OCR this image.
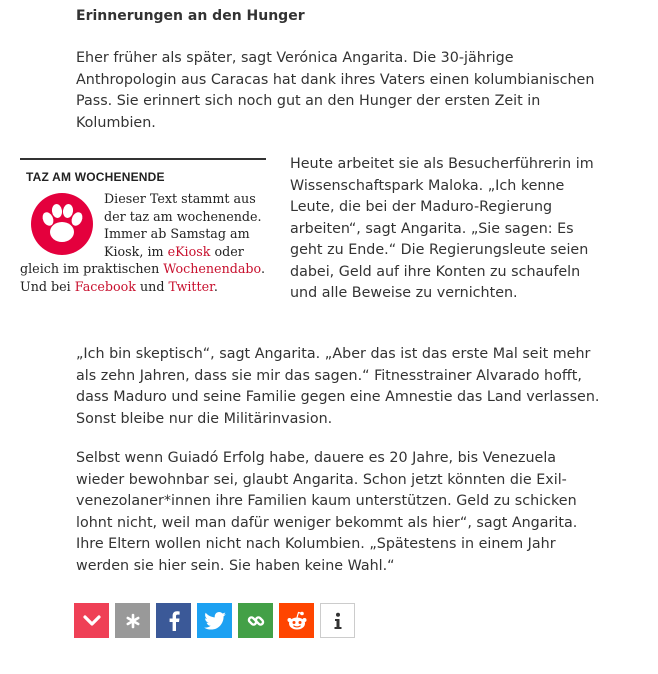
Erinnerungen an den Hunger

Eher früher als später, sagt Verónica Angarita. Die 30-jährige Anthropologin aus Caracas hat dank ihres Vaters einen kolumbianischen Pass. Sie erinnert sich noch gut an den Hunger der ersten Zeit in Kolumbien.

TAZ AM WOCHENENDE
Dieser Text stammt aus der taz am wochenende. Immer ab Samstag am Kiosk, im eKiosk oder gleich im praktischen Wochenendabo. Und bei Facebook und Twitter.

Heute arbeitet sie als Besucherführerin im Wissenschaftspark Maloka. „Ich kenne Leute, die bei der Maduro-Regierung arbeiten“, sagt Angarita. „Sie sagen: Es geht zu Ende.“ Die Regierungsleute seien dabei, Geld auf ihre Konten zu schaufeln und alle Beweise zu vernichten.

„Ich bin skeptisch“, sagt Angarita. „Aber das ist das erste Mal seit mehr als zehn Jahren, dass sie mir das sagen.“ Fitnesstrainer Alvarado hofft, dass Maduro und seine Familie gegen eine Amnestie das Land verlassen. Sonst bleibe nur die Militärinvasion.

Selbst wenn Guiadó Erfolg habe, dauere es 20 Jahre, bis Venezuela wieder bewohnbar sei, glaubt Angarita. Schon jetzt könnten die Exil-venezolaner*innen ihre Familien kaum unterstützen. Geld zu schicken lohnt nicht, weil man dafür weniger bekommt als hier“, sagt Angarita. Ihre Eltern wollen nicht nach Kolumbien. „Spätestens in einem Jahr werden sie hier sein. Sie haben keine Wahl.“
